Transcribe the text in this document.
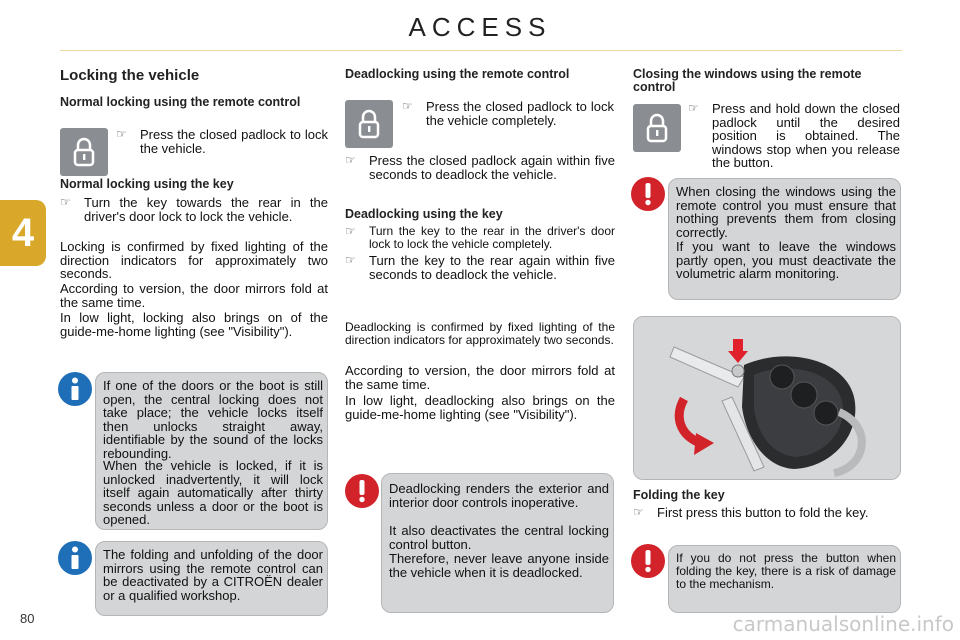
ACCESS
4
80
Locking the vehicle
Normal locking using the remote control
☞	Press the closed padlock to lock the vehicle.
Normal locking using the key
☞	Turn the key towards the rear in the driver's door lock to lock the vehicle.
Locking is confirmed by fixed lighting of the direction indicators for approximately two seconds.
According to version, the door mirrors fold at the same time.
In low light, locking also brings on of the guide-me-home lighting (see "Visibility").
If one of the doors or the boot is still open, the central locking does not take place; the vehicle locks itself then unlocks straight away, identifiable by the sound of the locks rebounding.
When the vehicle is locked, if it is unlocked inadvertently, it will lock itself again automatically after thirty seconds unless a door or the boot is opened.
The folding and unfolding of the door mirrors using the remote control can be deactivated by a CITROËN dealer or a qualified workshop.
Deadlocking using the remote control
☞	Press the closed padlock to lock the vehicle completely.
☞	Press the closed padlock again within five seconds to deadlock the vehicle.
Deadlocking using the key
☞	Turn the key to the rear in the driver's door lock to lock the vehicle completely.
☞	Turn the key to the rear again within five seconds to deadlock the vehicle.
Deadlocking is confirmed by fixed lighting of the direction indicators for approximately two seconds.
According to version, the door mirrors fold at the same time.
In low light, deadlocking also brings on the guide-me-home lighting (see "Visibility").
Deadlocking renders the exterior and interior door controls inoperative.
It also deactivates the central locking control button.
Therefore, never leave anyone inside the vehicle when it is deadlocked.
Closing the windows using the remote control
☞	Press and hold down the closed padlock until the desired position is obtained. The windows stop when you release the button.
When closing the windows using the remote control you must ensure that nothing prevents them from closing correctly.
If you want to leave the windows partly open, you must deactivate the volumetric alarm monitoring.
Folding the key
☞	First press this button to fold the key.
If you do not press the button when folding the key, there is a risk of damage to the mechanism.
carmanualsonline.info
